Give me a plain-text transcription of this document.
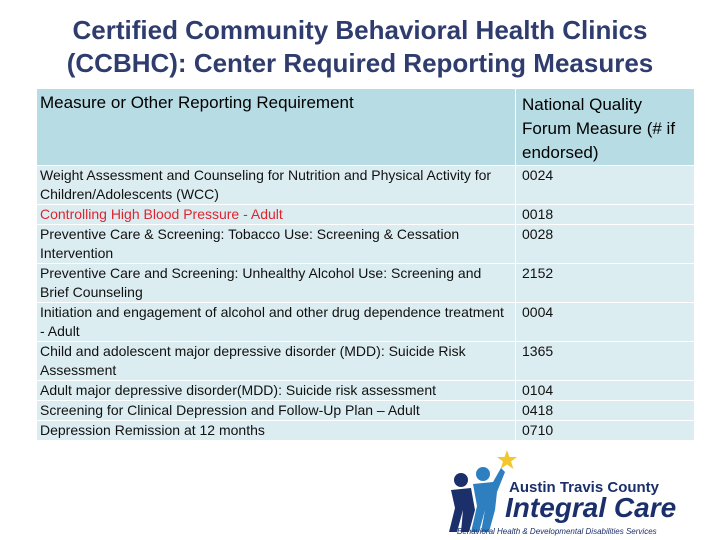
Certified Community Behavioral Health Clinics
(CCBHC): Center Required Reporting Measures
Measure or Other Reporting Requirement	National Quality Forum Measure (# if endorsed)
Weight Assessment and Counseling for Nutrition and Physical Activity for Children/Adolescents (WCC)	0024
Controlling High Blood Pressure - Adult	0018
Preventive Care & Screening: Tobacco Use: Screening & Cessation Intervention	0028
Preventive Care and Screening: Unhealthy Alcohol Use: Screening and Brief Counseling	2152
Initiation and engagement of alcohol and other drug dependence treatment - Adult	0004
Child and adolescent major depressive disorder (MDD): Suicide Risk Assessment	1365
Adult major depressive disorder(MDD): Suicide risk assessment	0104
Screening for Clinical Depression and Follow-Up Plan – Adult	0418
Depression Remission at 12 months	0710
Austin Travis County
Integral Care
Behavioral Health & Developmental Disabilities Services
